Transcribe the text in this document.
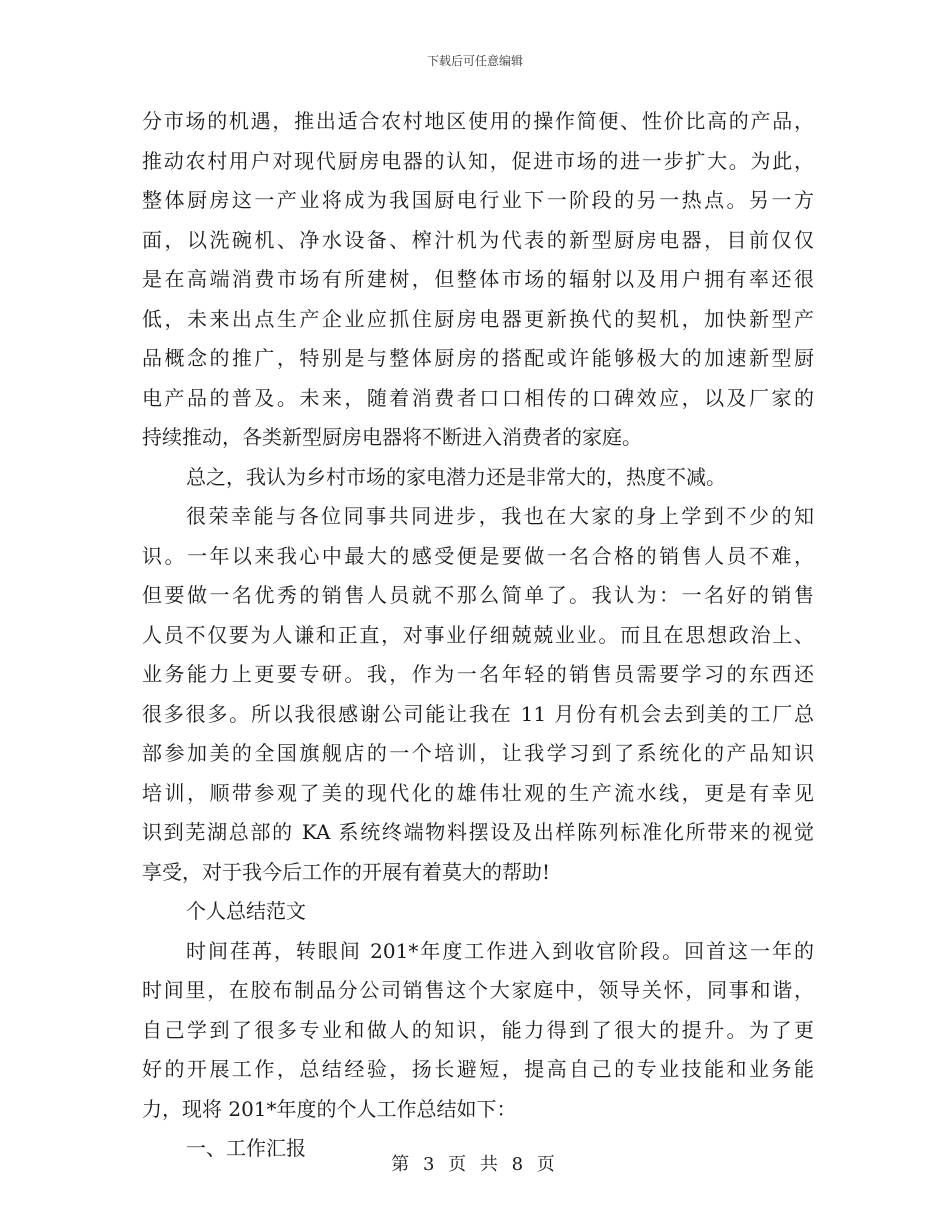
下载后可任意编辑
分市场的机遇，推出适合农村地区使用的操作简便、性价比高的产品，
推动农村用户对现代厨房电器的认知，促进市场的进一步扩大。为此，
整体厨房这一产业将成为我国厨电行业下一阶段的另一热点。另一方
面，以洗碗机、净水设备、榨汁机为代表的新型厨房电器，目前仅仅
是在高端消费市场有所建树，但整体市场的辐射以及用户拥有率还很
低，未来出点生产企业应抓住厨房电器更新换代的契机，加快新型产
品概念的推广，特别是与整体厨房的搭配或许能够极大的加速新型厨
电产品的普及。未来，随着消费者口口相传的口碑效应，以及厂家的
持续推动，各类新型厨房电器将不断进入消费者的家庭。
总之，我认为乡村市场的家电潜力还是非常大的，热度不减。
很荣幸能与各位同事共同进步，我也在大家的身上学到不少的知
识。一年以来我心中最大的感受便是要做一名合格的销售人员不难，
但要做一名优秀的销售人员就不那么简单了。我认为：一名好的销售
人员不仅要为人谦和正直，对事业仔细兢兢业业。而且在思想政治上、
业务能力上更要专研。我，作为一名年轻的销售员需要学习的东西还
很多很多。所以我很感谢公司能让我在 11 月份有机会去到美的工厂总
部参加美的全国旗舰店的一个培训，让我学习到了系统化的产品知识
培训，顺带参观了美的现代化的雄伟壮观的生产流水线，更是有幸见
识到芜湖总部的 KA 系统终端物料摆设及出样陈列标准化所带来的视觉
享受，对于我今后工作的开展有着莫大的帮助!
个人总结范文
时间荏苒，转眼间 201*年度工作进入到收官阶段。回首这一年的
时间里，在胶布制品分公司销售这个大家庭中，领导关怀，同事和谐，
自己学到了很多专业和做人的知识，能力得到了很大的提升。为了更
好的开展工作，总结经验，扬长避短，提高自己的专业技能和业务能
力，现将 201*年度的个人工作总结如下：
一、工作汇报
第 3 页 共 8 页
